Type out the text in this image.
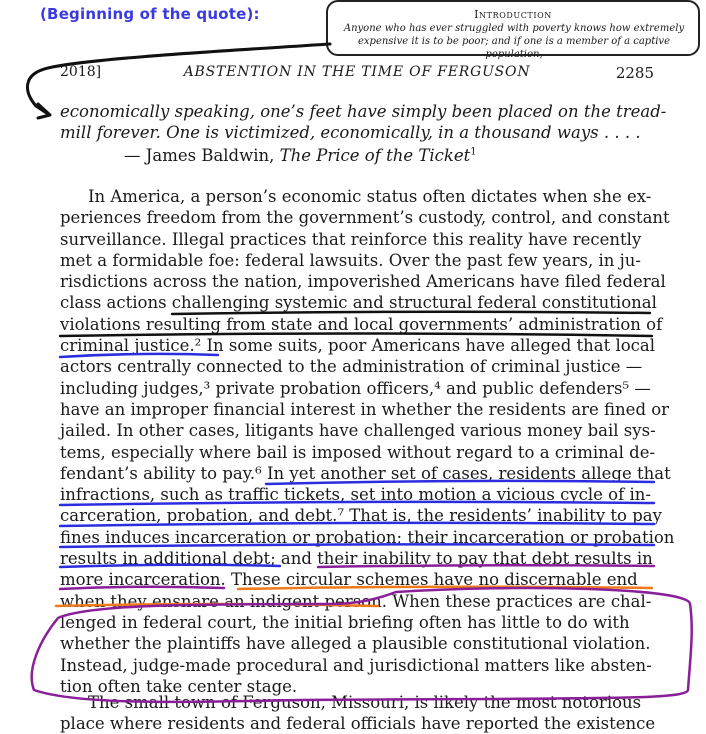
(Beginning of the quote):	Introduction
Anyone who has ever struggled with poverty knows how extremely
expensive it is to be poor; and if one is a member of a captive population,
2018]	ABSTENTION IN THE TIME OF FERGUSON	2285
economically speaking, one’s feet have simply been placed on the tread-
mill forever. One is victimized, economically, in a thousand ways . . . .
— James Baldwin, The Price of the Ticket$^1$
In America, a person’s economic status often dictates when she ex-
periences freedom from the government’s custody, control, and constant
surveillance. Illegal practices that reinforce this reality have recently
met a formidable foe: federal lawsuits. Over the past few years, in ju-
risdictions across the nation, impoverished Americans have filed federal
class actions challenging systemic and structural federal constitutional
violations resulting from state and local governments’ administration of
criminal justice.² In some suits, poor Americans have alleged that local
actors centrally connected to the administration of criminal justice —
including judges,³ private probation officers,⁴ and public defenders⁵ —
have an improper financial interest in whether the residents are fined or
jailed. In other cases, litigants have challenged various money bail sys-
tems, especially where bail is imposed without regard to a criminal de-
fendant’s ability to pay.⁶ In yet another set of cases, residents allege that
infractions, such as traffic tickets, set into motion a vicious cycle of in-
carceration, probation, and debt.⁷ That is, the residents’ inability to pay
fines induces incarceration or probation; their incarceration or probation
results in additional debt; and their inability to pay that debt results in
more incarceration. These circular schemes have no discernable end
when they ensnare an indigent person. When these practices are chal-
lenged in federal court, the initial briefing often has little to do with
whether the plaintiffs have alleged a plausible constitutional violation.
Instead, judge-made procedural and jurisdictional matters like absten-
tion often take center stage.
The small town of Ferguson, Missouri, is likely the most notorious
place where residents and federal officials have reported the existence
